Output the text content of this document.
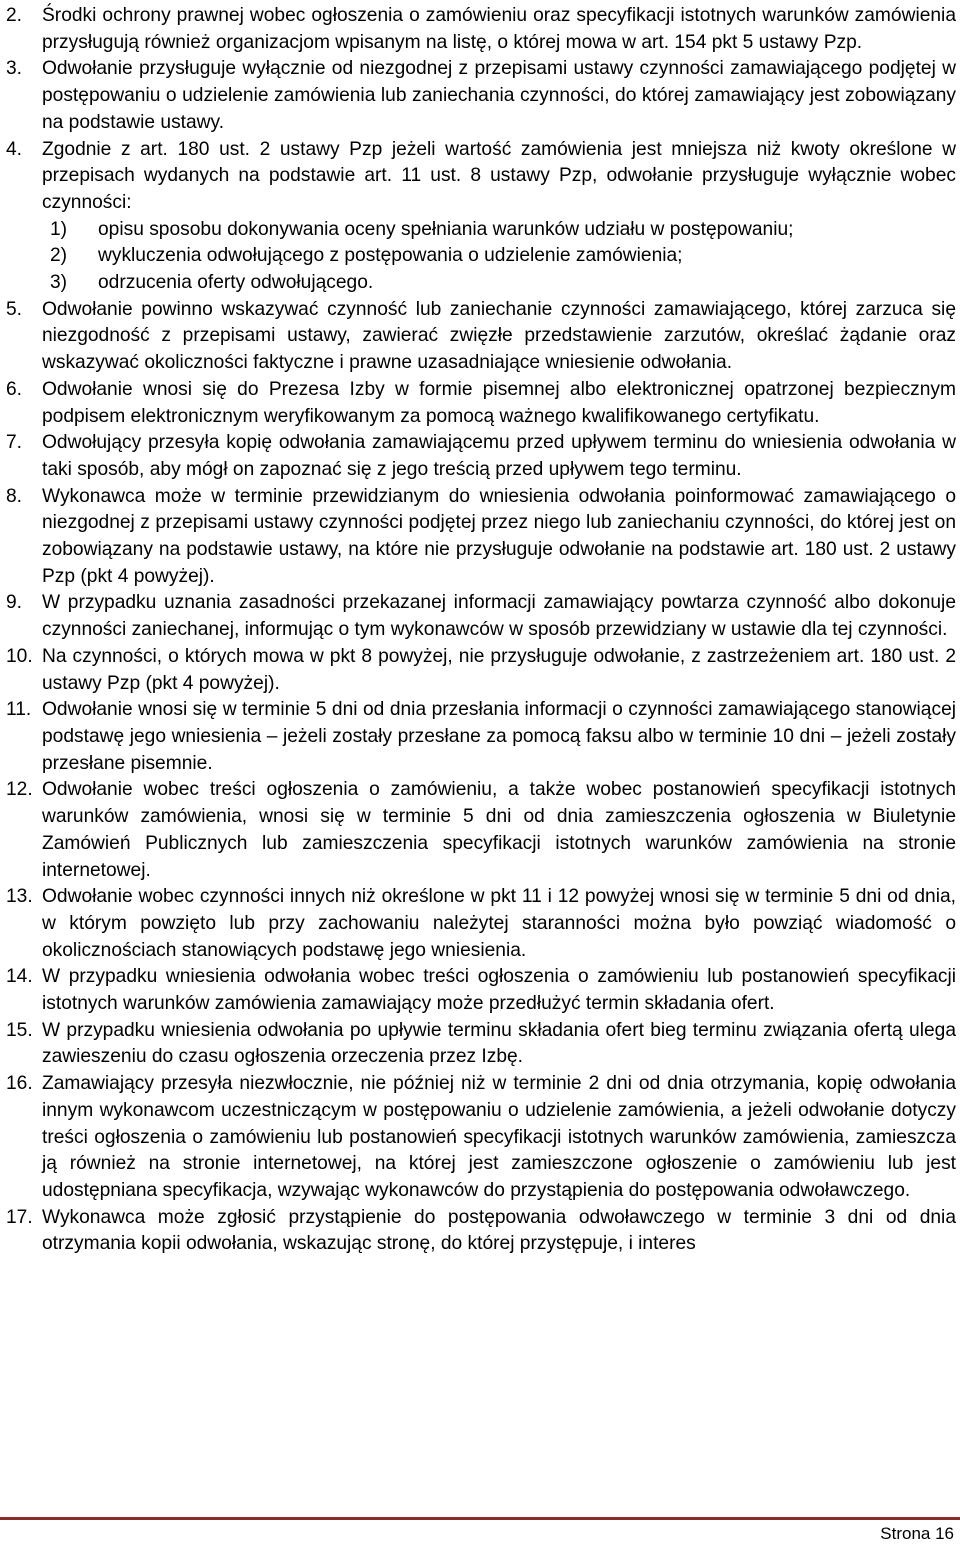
2. Środki ochrony prawnej wobec ogłoszenia o zamówieniu oraz specyfikacji istotnych warunków zamówienia przysługują również organizacjom wpisanym na listę, o której mowa w art. 154 pkt 5 ustawy Pzp.

3. Odwołanie przysługuje wyłącznie od niezgodnej z przepisami ustawy czynności zamawiającego podjętej w postępowaniu o udzielenie zamówienia lub zaniechania czynności, do której zamawiający jest zobowiązany na podstawie ustawy.

4. Zgodnie z art. 180 ust. 2 ustawy Pzp jeżeli wartość zamówienia jest mniejsza niż kwoty określone w przepisach wydanych na podstawie art. 11 ust. 8 ustawy Pzp, odwołanie przysługuje wyłącznie wobec czynności:

1) opisu sposobu dokonywania oceny spełniania warunków udziału w postępowaniu;

2) wykluczenia odwołującego z postępowania o udzielenie zamówienia;

3) odrzucenia oferty odwołującego.

5. Odwołanie powinno wskazywać czynność lub zaniechanie czynności zamawiającego, której zarzuca się niezgodność z przepisami ustawy, zawierać zwięzłe przedstawienie zarzutów, określać żądanie oraz wskazywać okoliczności faktyczne i prawne uzasadniające wniesienie odwołania.

6. Odwołanie wnosi się do Prezesa Izby w formie pisemnej albo elektronicznej opatrzonej bezpiecznym podpisem elektronicznym weryfikowanym za pomocą ważnego kwalifikowanego certyfikatu.

7. Odwołujący przesyła kopię odwołania zamawiającemu przed upływem terminu do wniesienia odwołania w taki sposób, aby mógł on zapoznać się z jego treścią przed upływem tego terminu.

8. Wykonawca może w terminie przewidzianym do wniesienia odwołania poinformować zamawiającego o niezgodnej z przepisami ustawy czynności podjętej przez niego lub zaniechaniu czynności, do której jest on zobowiązany na podstawie ustawy, na które nie przysługuje odwołanie na podstawie art. 180 ust. 2 ustawy Pzp (pkt 4 powyżej).

9. W przypadku uznania zasadności przekazanej informacji zamawiający powtarza czynność albo dokonuje czynności zaniechanej, informując o tym wykonawców w sposób przewidziany w ustawie dla tej czynności.

10. Na czynności, o których mowa w pkt 8 powyżej, nie przysługuje odwołanie, z zastrzeżeniem art. 180 ust. 2 ustawy Pzp (pkt 4 powyżej).

11. Odwołanie wnosi się w terminie 5 dni od dnia przesłania informacji o czynności zamawiającego stanowiącej podstawę jego wniesienia – jeżeli zostały przesłane za pomocą faksu albo w terminie 10 dni – jeżeli zostały przesłane pisemnie.

12. Odwołanie wobec treści ogłoszenia o zamówieniu, a także wobec postanowień specyfikacji istotnych warunków zamówienia, wnosi się w terminie 5 dni od dnia zamieszczenia ogłoszenia w Biuletynie Zamówień Publicznych lub zamieszczenia specyfikacji istotnych warunków zamówienia na stronie internetowej.

13. Odwołanie wobec czynności innych niż określone w pkt 11 i 12 powyżej wnosi się w terminie 5 dni od dnia, w którym powzięto lub przy zachowaniu należytej staranności można było powziąć wiadomość o okolicznościach stanowiących podstawę jego wniesienia.

14. W przypadku wniesienia odwołania wobec treści ogłoszenia o zamówieniu lub postanowień specyfikacji istotnych warunków zamówienia zamawiający może przedłużyć termin składania ofert.

15. W przypadku wniesienia odwołania po upływie terminu składania ofert bieg terminu związania ofertą ulega zawieszeniu do czasu ogłoszenia orzeczenia przez Izbę.

16. Zamawiający przesyła niezwłocznie, nie później niż w terminie 2 dni od dnia otrzymania, kopię odwołania innym wykonawcom uczestniczącym w postępowaniu o udzielenie zamówienia, a jeżeli odwołanie dotyczy treści ogłoszenia o zamówieniu lub postanowień specyfikacji istotnych warunków zamówienia, zamieszcza ją również na stronie internetowej, na której jest zamieszczone ogłoszenie o zamówieniu lub jest udostępniana specyfikacja, wzywając wykonawców do przystąpienia do postępowania odwoławczego.

17. Wykonawca może zgłosić przystąpienie do postępowania odwoławczego w terminie 3 dni od dnia otrzymania kopii odwołania, wskazując stronę, do której przystępuje, i interes

Strona 16
